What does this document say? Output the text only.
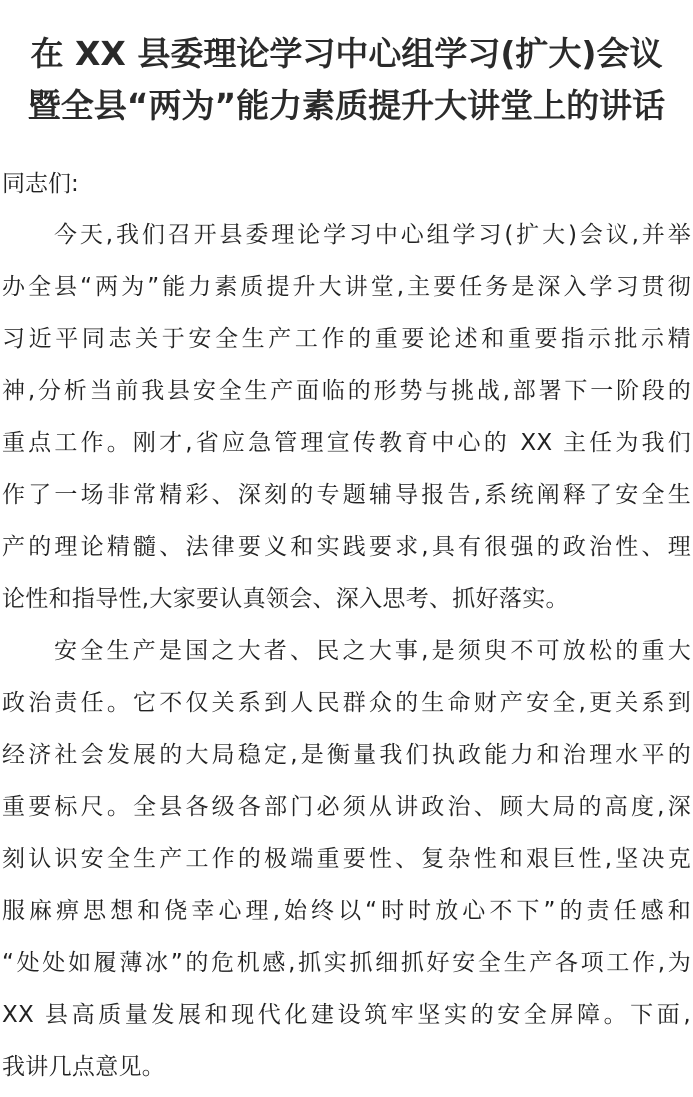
在 XX 县委理论学习中心组学习(扩大)会议
暨全县“两为”能力素质提升大讲堂上的讲话
同志们:
今天,我们召开县委理论学习中心组学习(扩大)会议,并举
办全县“两为”能力素质提升大讲堂,主要任务是深入学习贯彻
习近平同志关于安全生产工作的重要论述和重要指示批示精
神,分析当前我县安全生产面临的形势与挑战,部署下一阶段的
重点工作。刚才,省应急管理宣传教育中心的 XX 主任为我们
作了一场非常精彩、深刻的专题辅导报告,系统阐释了安全生
产的理论精髓、法律要义和实践要求,具有很强的政治性、理
论性和指导性,大家要认真领会、深入思考、抓好落实。
安全生产是国之大者、民之大事,是须臾不可放松的重大
政治责任。它不仅关系到人民群众的生命财产安全,更关系到
经济社会发展的大局稳定,是衡量我们执政能力和治理水平的
重要标尺。全县各级各部门必须从讲政治、顾大局的高度,深
刻认识安全生产工作的极端重要性、复杂性和艰巨性,坚决克
服麻痹思想和侥幸心理,始终以“时时放心不下”的责任感和
“处处如履薄冰”的危机感,抓实抓细抓好安全生产各项工作,为
XX 县高质量发展和现代化建设筑牢坚实的安全屏障。下面,
我讲几点意见。
